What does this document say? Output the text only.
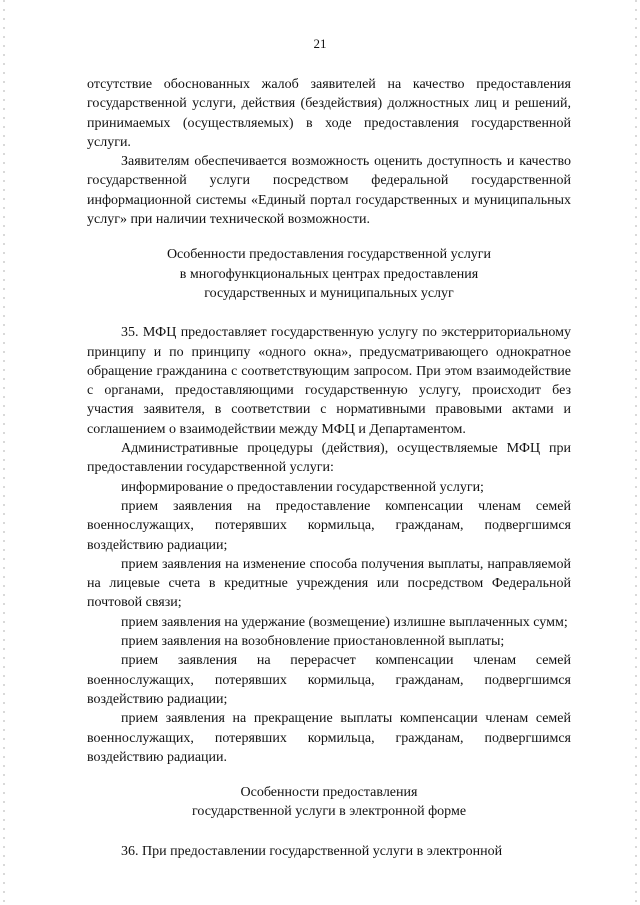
21

отсутствие обоснованных жалоб заявителей на качество предоставления государственной услуги, действия (бездействия) должностных лиц и решений, принимаемых (осуществляемых) в ходе предоставления государственной услуги.

Заявителям обеспечивается возможность оценить доступность и качество государственной услуги посредством федеральной государственной информационной системы «Единый портал государственных и муниципальных услуг» при наличии технической возможности.

Особенности предоставления государственной услуги
в многофункциональных центрах предоставления
государственных и муниципальных услуг

35. МФЦ предоставляет государственную услугу по экстерриториальному принципу и по принципу «одного окна», предусматривающего однократное обращение гражданина с соответствующим запросом. При этом взаимодействие с органами, предоставляющими государственную услугу, происходит без участия заявителя, в соответствии с нормативными правовыми актами и соглашением о взаимодействии между МФЦ и Департаментом.

Административные процедуры (действия), осуществляемые МФЦ при предоставлении государственной услуги:

информирование о предоставлении государственной услуги;

прием заявления на предоставление компенсации членам семей военнослужащих, потерявших кормильца, гражданам, подвергшимся воздействию радиации;

прием заявления на изменение способа получения выплаты, направляемой на лицевые счета в кредитные учреждения или посредством Федеральной почтовой связи;

прием заявления на удержание (возмещение) излишне выплаченных сумм;

прием заявления на возобновление приостановленной выплаты;

прием заявления на перерасчет компенсации членам семей военнослужащих, потерявших кормильца, гражданам, подвергшимся воздействию радиации;

прием заявления на прекращение выплаты компенсации членам семей военнослужащих, потерявших кормильца, гражданам, подвергшимся воздействию радиации.

Особенности предоставления
государственной услуги в электронной форме

36. При предоставлении государственной услуги в электронной
